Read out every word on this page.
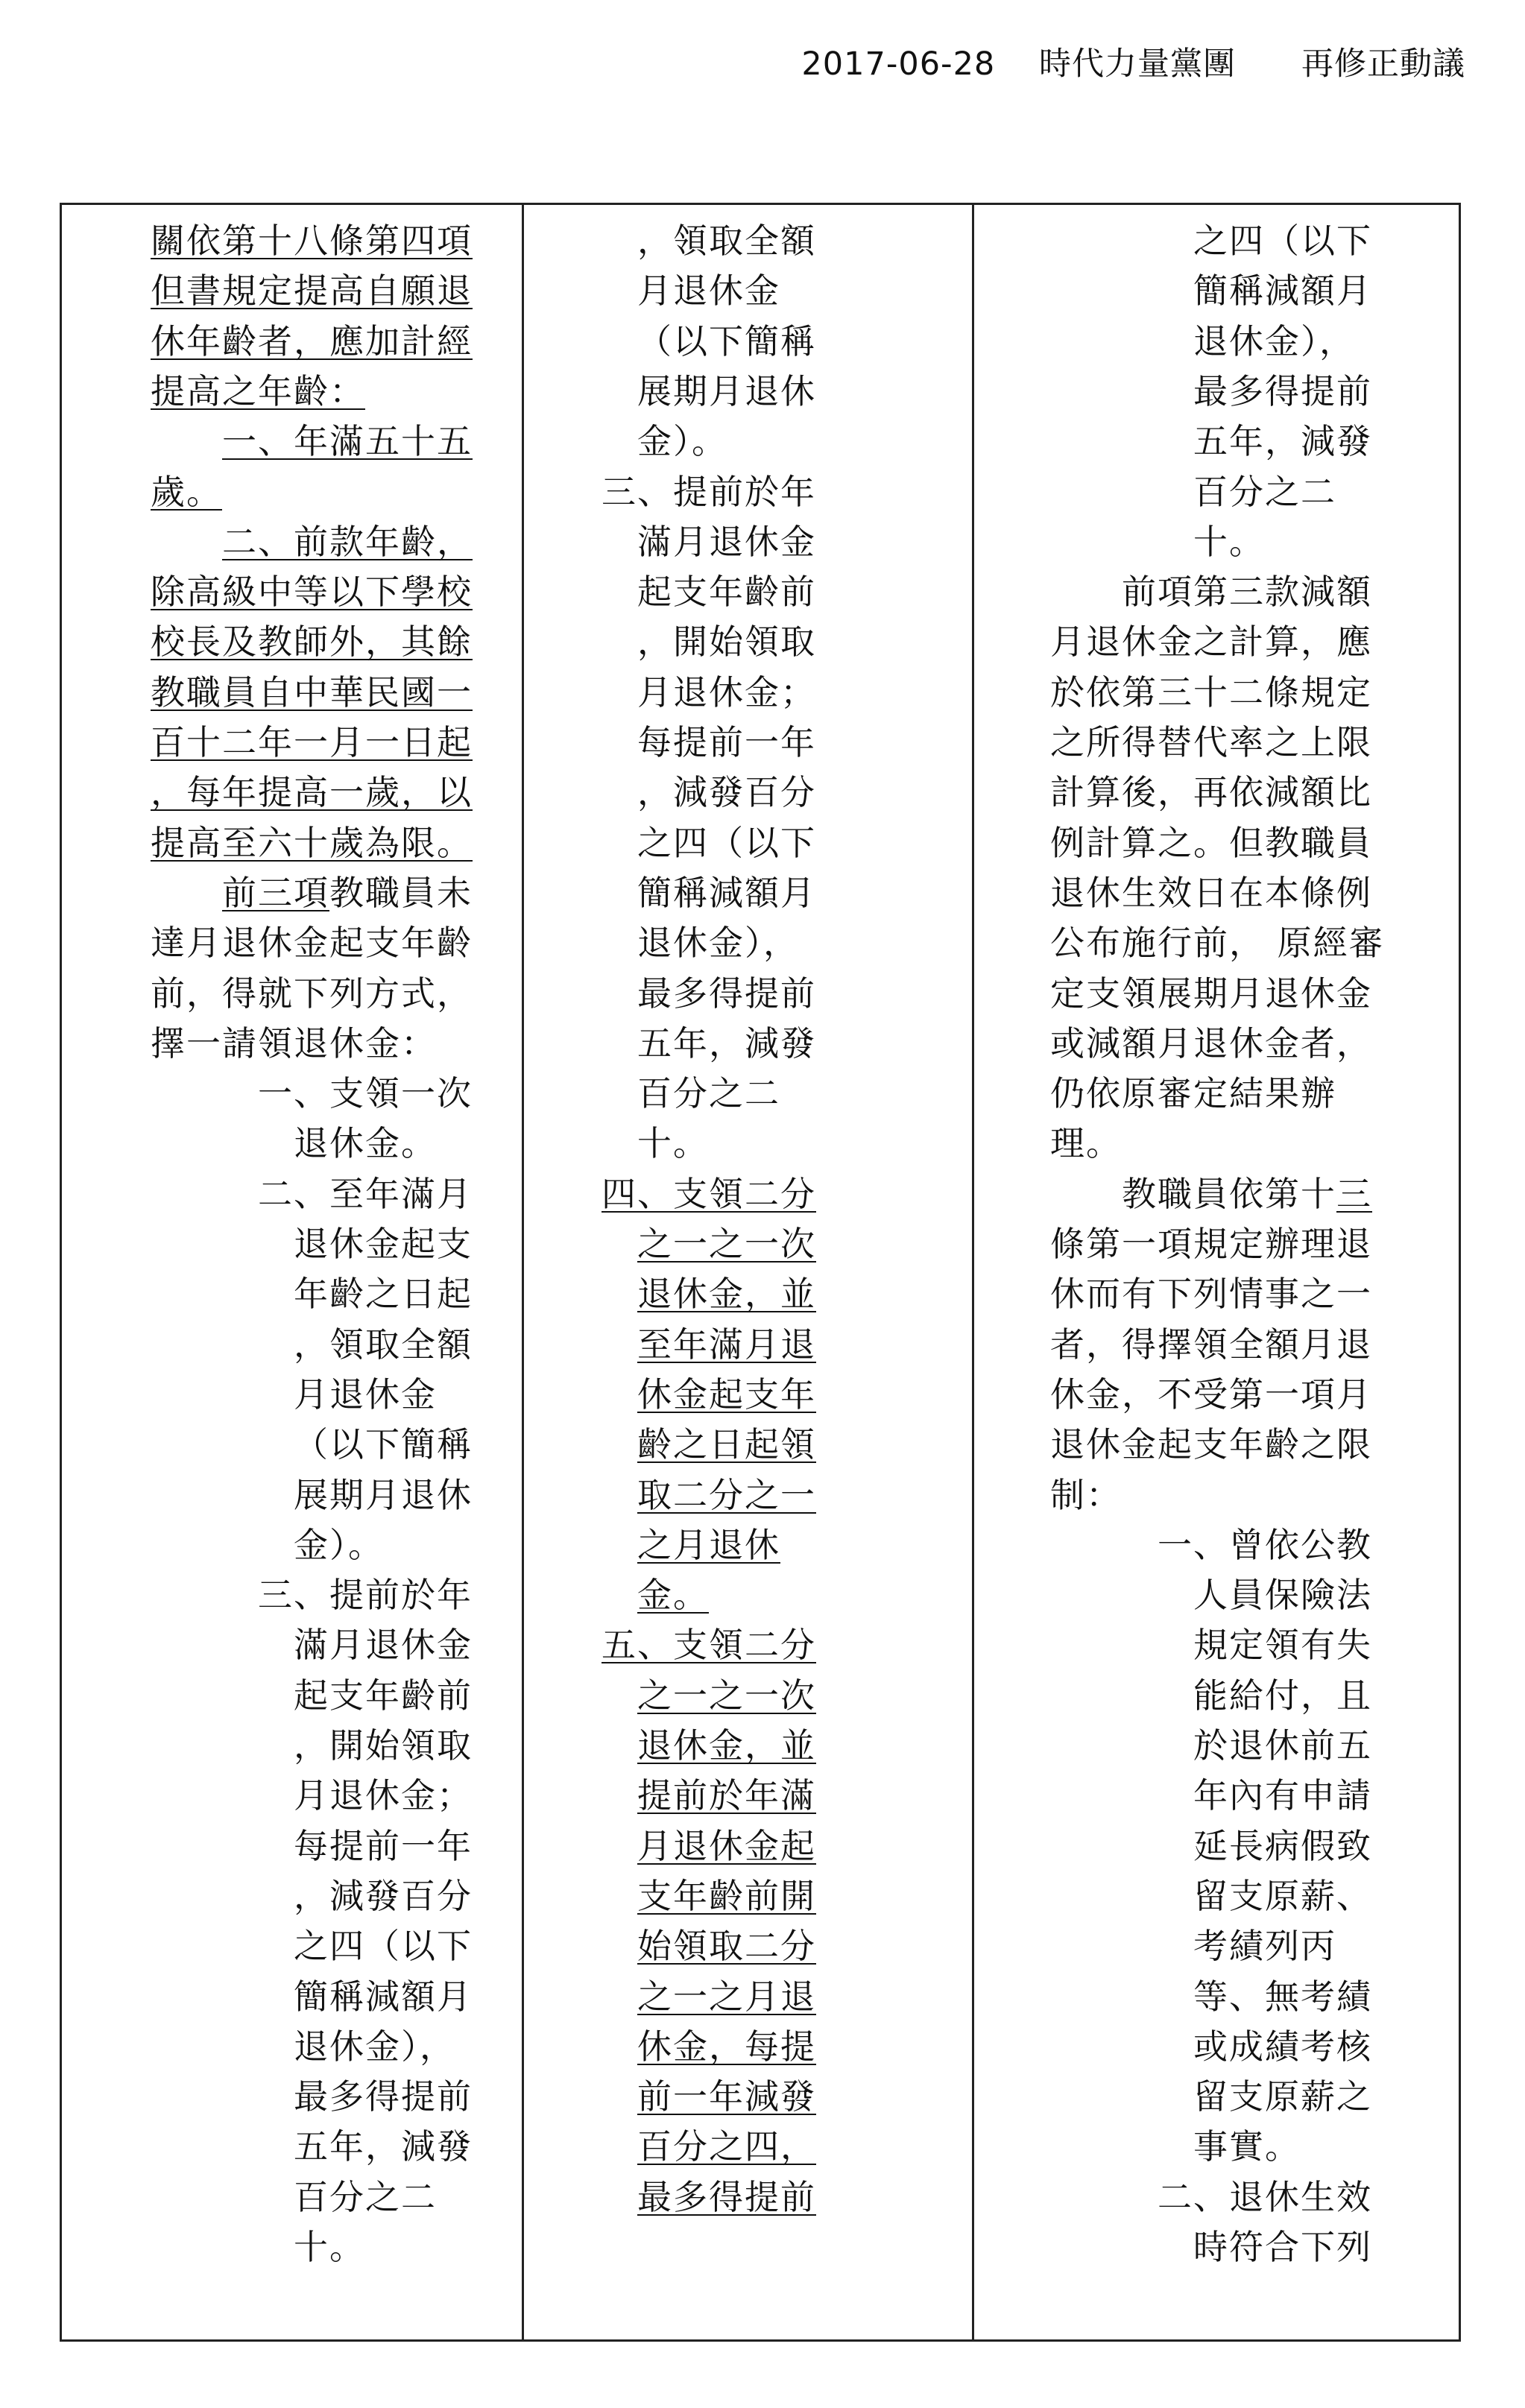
2017-06-28 時代力量黨團 再修正動議
關依第十八條第四項
但書規定提高自願退
休年齡者，應加計經
提高之年齡：
一、年滿五十五
歲。
二、前款年齡，
除高級中等以下學校
校長及教師外，其餘
教職員自中華民國一
百十二年一月一日起
，每年提高一歲，以
提高至六十歲為限。
前三項教職員未
達月退休金起支年齡
前，得就下列方式，
擇一請領退休金：
一、支領一次
退休金。
二、至年滿月
退休金起支
年齡之日起
，領取全額
月退休金
（以下簡稱
展期月退休
金）。
三、提前於年
滿月退休金
起支年齡前
，開始領取
月退休金；
每提前一年
，減發百分
之四（以下
簡稱減額月
退休金），
最多得提前
五年，減發
百分之二
十。
，領取全額
月退休金
（以下簡稱
展期月退休
金）。
三、提前於年
滿月退休金
起支年齡前
，開始領取
月退休金；
每提前一年
，減發百分
之四（以下
簡稱減額月
退休金），
最多得提前
五年，減發
百分之二
十。
四、支領二分
之一之一次
退休金，並
至年滿月退
休金起支年
齡之日起領
取二分之一
之月退休
金。
五、支領二分
之一之一次
退休金，並
提前於年滿
月退休金起
支年齡前開
始領取二分
之一之月退
休金，每提
前一年減發
百分之四，
最多得提前
之四（以下
簡稱減額月
退休金），
最多得提前
五年，減發
百分之二
十。
前項第三款減額
月退休金之計算，應
於依第三十二條規定
之所得替代率之上限
計算後，再依減額比
例計算之。但教職員
退休生效日在本條例
公布施行前， 原經審
定支領展期月退休金
或減額月退休金者，
仍依原審定結果辦
理。
教職員依第十三
條第一項規定辦理退
休而有下列情事之一
者，得擇領全額月退
休金，不受第一項月
退休金起支年齡之限
制：
一、曾依公教
人員保險法
規定領有失
能給付，且
於退休前五
年內有申請
延長病假致
留支原薪、
考績列丙
等、無考績
或成績考核
留支原薪之
事實。
二、退休生效
時符合下列
